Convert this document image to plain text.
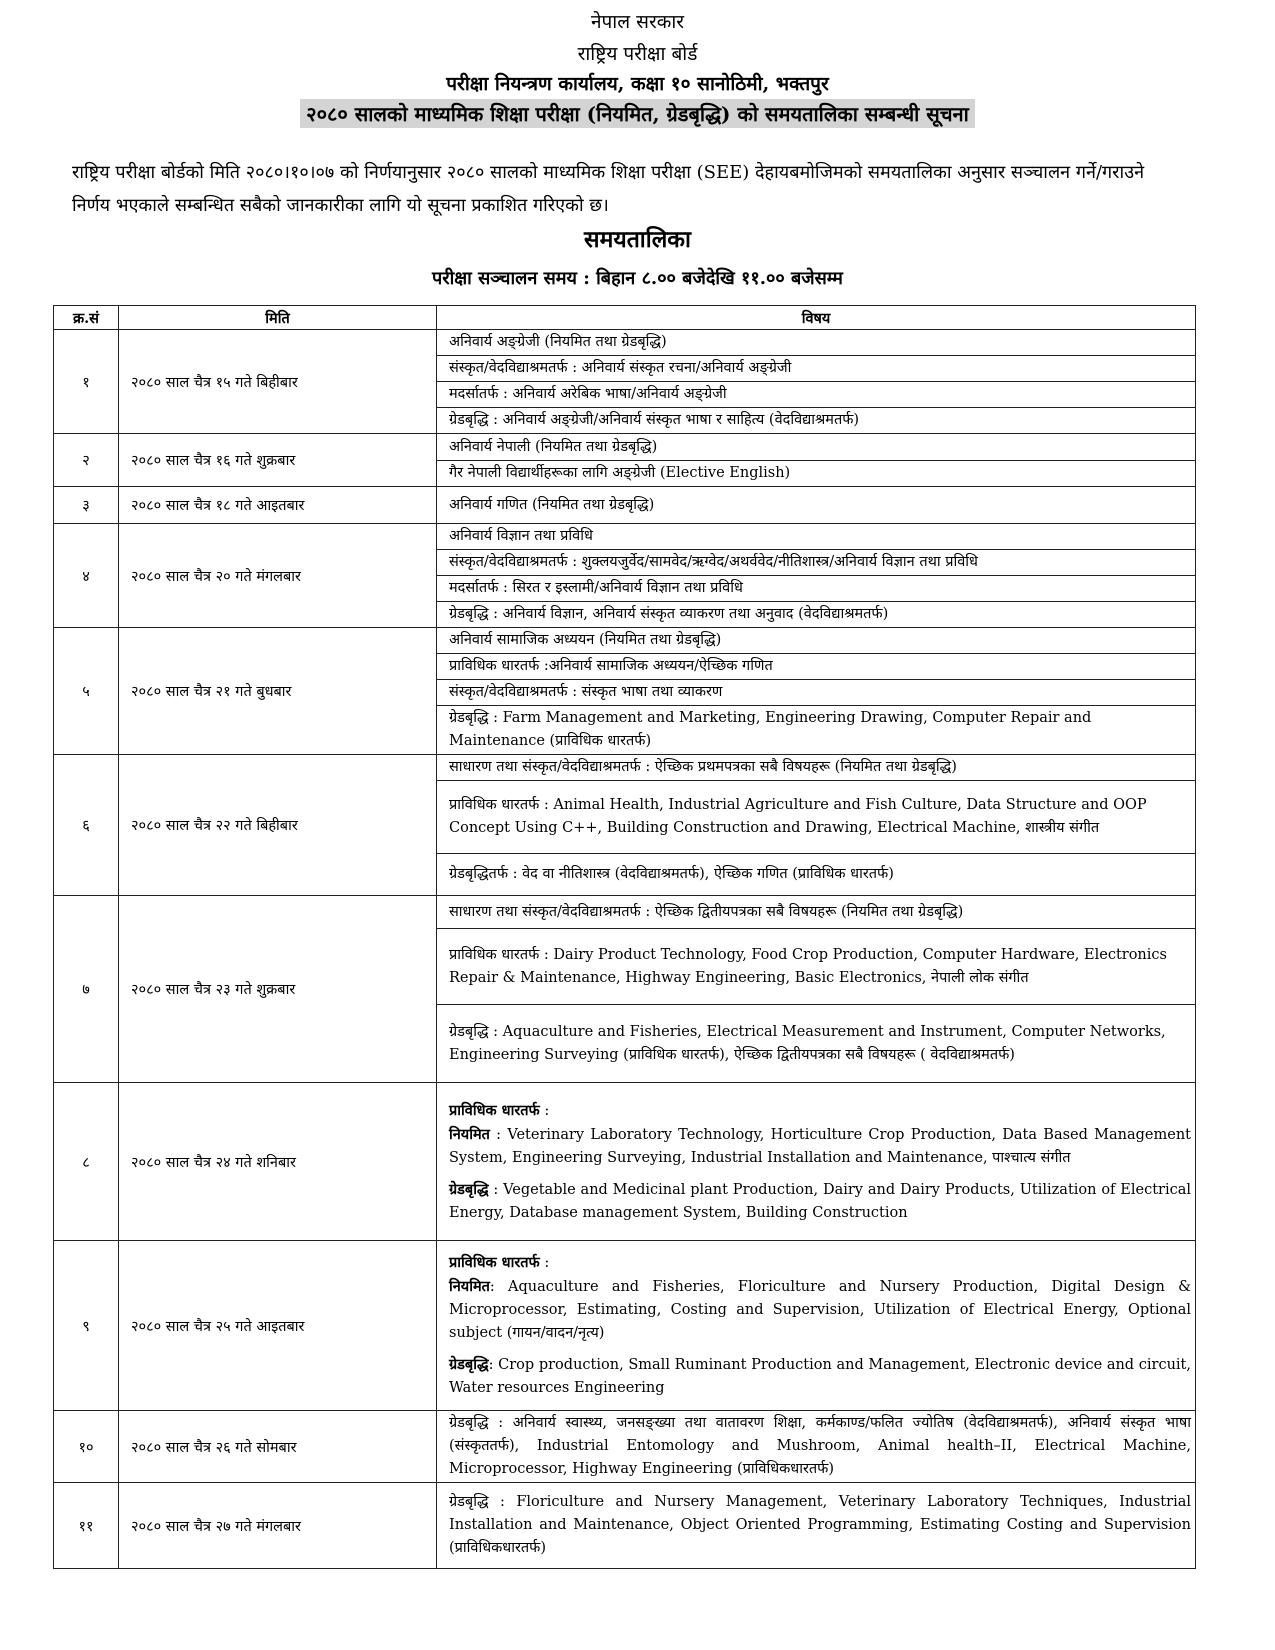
नेपाल सरकार
राष्ट्रिय परीक्षा बोर्ड
परीक्षा नियन्त्रण कार्यालय, कक्षा १० सानोठिमी, भक्तपुर
२०८० सालको माध्यमिक शिक्षा परीक्षा (नियमित, ग्रेडबृद्धि) को समयतालिका सम्बन्धी सूचना
राष्ट्रिय परीक्षा बोर्डको मिति २०८०।१०।०७ को निर्णयानुसार २०८० सालको माध्यमिक शिक्षा परीक्षा (SEE) देहायबमोजिमको समयतालिका अनुसार सञ्चालन गर्ने/गराउने निर्णय भएकाले सम्बन्धित सबैको जानकारीका लागि यो सूचना प्रकाशित गरिएको छ।
समयतालिका
परीक्षा सञ्चालन समय : बिहान ८.०० बजेदेखि ११.०० बजेसम्म
क्र.सं	मिति	विषय
१	२०८० साल चैत्र १५ गते बिहीबार	अनिवार्य अङ्ग्रेजी (नियमित तथा ग्रेडबृद्धि)
		संस्कृत/वेदविद्याश्रमतर्फ : अनिवार्य संस्कृत रचना/अनिवार्य अङ्ग्रेजी
		मदर्सातर्फ : अनिवार्य अरेबिक भाषा/अनिवार्य अङ्ग्रेजी
		ग्रेडबृद्धि : अनिवार्य अङ्ग्रेजी/अनिवार्य संस्कृत भाषा र साहित्य (वेदविद्याश्रमतर्फ)
२	२०८० साल चैत्र १६ गते शुक्रबार	अनिवार्य नेपाली (नियमित तथा ग्रेडबृद्धि)
		गैर नेपाली विद्यार्थीहरूका लागि अङ्ग्रेजी (Elective English)
३	२०८० साल चैत्र १८ गते आइतबार	अनिवार्य गणित (नियमित तथा ग्रेडबृद्धि)
४	२०८० साल चैत्र २० गते मंगलबार	अनिवार्य विज्ञान तथा प्रविधि
		संस्कृत/वेदविद्याश्रमतर्फ : शुक्लयजुर्वेद/सामवेद/ऋग्वेद/अथर्ववेद/नीतिशास्त्र/अनिवार्य विज्ञान तथा प्रविधि
		मदर्सातर्फ : सिरत र इस्लामी/अनिवार्य विज्ञान तथा प्रविधि
		ग्रेडबृद्धि : अनिवार्य विज्ञान, अनिवार्य संस्कृत व्याकरण तथा अनुवाद (वेदविद्याश्रमतर्फ)
५	२०८० साल चैत्र २१ गते बुधबार	अनिवार्य सामाजिक अध्ययन (नियमित तथा ग्रेडबृद्धि)
		प्राविधिक धारतर्फ :अनिवार्य सामाजिक अध्ययन/ऐच्छिक गणित
		संस्कृत/वेदविद्याश्रमतर्फ : संस्कृत भाषा तथा व्याकरण
		ग्रेडबृद्धि : Farm Management and Marketing, Engineering Drawing, Computer Repair and Maintenance (प्राविधिक धारतर्फ)
६	२०८० साल चैत्र २२ गते बिहीबार	साधारण तथा संस्कृत/वेदविद्याश्रमतर्फ : ऐच्छिक प्रथमपत्रका सबै विषयहरू (नियमित तथा ग्रेडबृद्धि)
		प्राविधिक धारतर्फ : Animal Health, Industrial Agriculture and Fish Culture, Data Structure and OOP Concept Using C++, Building Construction and Drawing, Electrical Machine, शास्त्रीय संगीत
		ग्रेडबृद्धितर्फ : वेद वा नीतिशास्त्र (वेदविद्याश्रमतर्फ), ऐच्छिक गणित (प्राविधिक धारतर्फ)
७	२०८० साल चैत्र २३ गते शुक्रबार	साधारण तथा संस्कृत/वेदविद्याश्रमतर्फ : ऐच्छिक द्वितीयपत्रका सबै विषयहरू (नियमित तथा ग्रेडबृद्धि)
		प्राविधिक धारतर्फ : Dairy Product Technology, Food Crop Production, Computer Hardware, Electronics Repair & Maintenance, Highway Engineering, Basic Electronics, नेपाली लोक संगीत
		ग्रेडबृद्धि : Aquaculture and Fisheries, Electrical Measurement and Instrument, Computer Networks, Engineering Surveying (प्राविधिक धारतर्फ), ऐच्छिक द्वितीयपत्रका सबै विषयहरू ( वेदविद्याश्रमतर्फ)
८	२०८० साल चैत्र २४ गते शनिबार	प्राविधिक धारतर्फ :
नियमित : Veterinary Laboratory Technology, Horticulture Crop Production, Data Based Management System, Engineering Surveying, Industrial Installation and Maintenance, पाश्चात्य संगीत
ग्रेडबृद्धि : Vegetable and Medicinal plant Production, Dairy and Dairy Products, Utilization of Electrical Energy, Database management System, Building Construction

९	२०८० साल चैत्र २५ गते आइतबार	प्राविधिक धारतर्फ :
नियमित: Aquaculture and Fisheries, Floriculture and Nursery Production, Digital Design & Microprocessor, Estimating, Costing and Supervision, Utilization of Electrical Energy, Optional subject (गायन/वादन/नृत्य)
ग्रेडबृद्धि: Crop production, Small Ruminant Production and Management, Electronic device and circuit, Water resources Engineering

१०	२०८० साल चैत्र २६ गते सोमबार	ग्रेडबृद्धि : अनिवार्य स्वास्थ्य, जनसङ्ख्या तथा वातावरण शिक्षा, कर्मकाण्ड/फलित ज्योतिष (वेदविद्याश्रमतर्फ), अनिवार्य संस्कृत भाषा (संस्कृततर्फ), Industrial Entomology and Mushroom, Animal health–II, Electrical Machine, Microprocessor, Highway Engineering (प्राविधिकधारतर्फ)
११	२०८० साल चैत्र २७ गते मंगलबार	ग्रेडबृद्धि : Floriculture and Nursery Management, Veterinary Laboratory Techniques, Industrial Installation and Maintenance, Object Oriented Programming, Estimating Costing and Supervision (प्राविधिकधारतर्फ)
